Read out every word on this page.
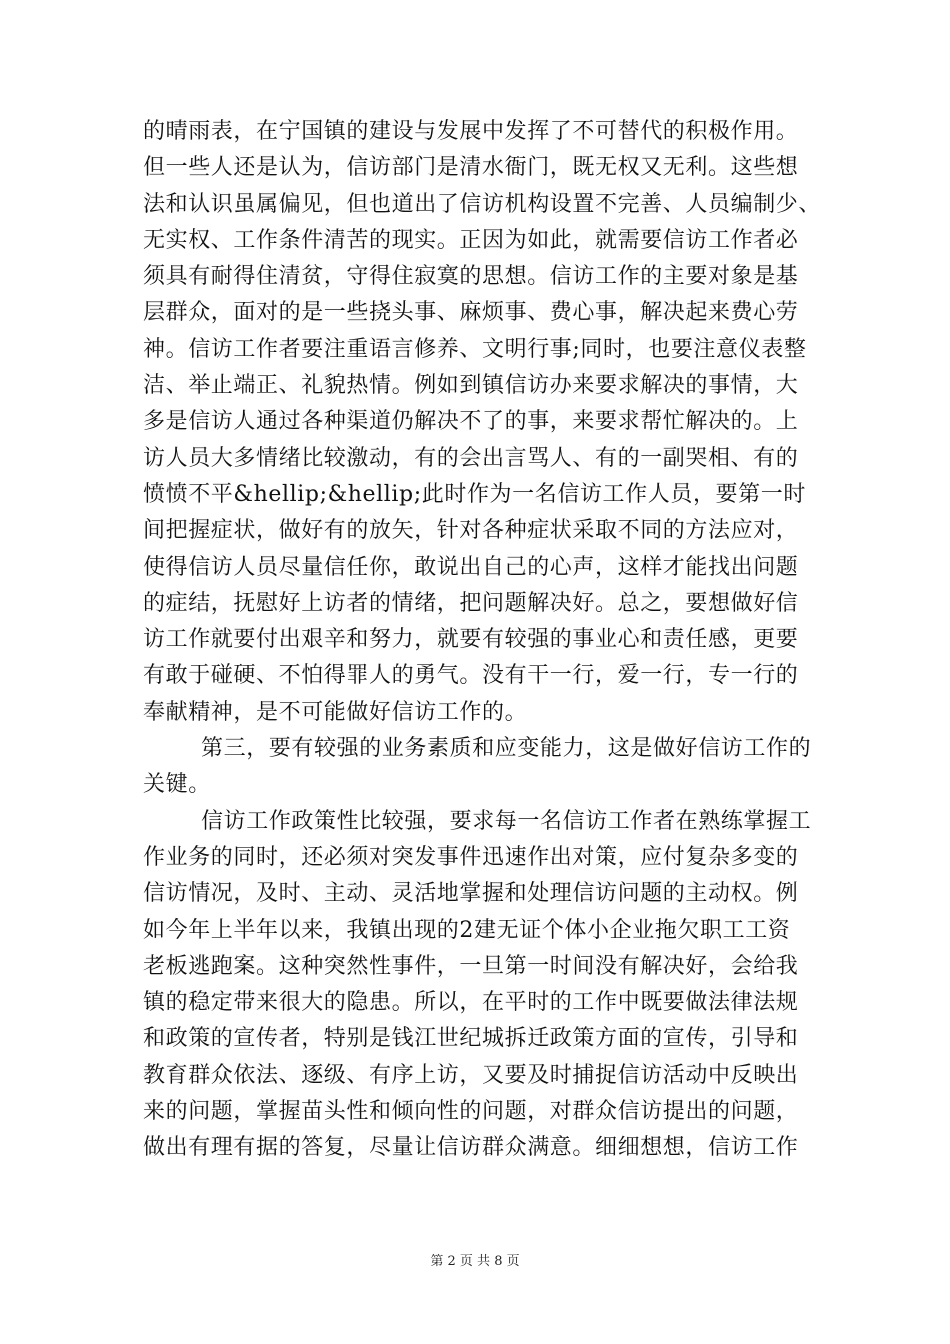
的晴雨表，在宁国镇的建设与发展中发挥了不可替代的积极作用。
但一些人还是认为，信访部门是清水衙门，既无权又无利。这些想
法和认识虽属偏见，但也道出了信访机构设置不完善、人员编制少、
无实权、工作条件清苦的现实。正因为如此，就需要信访工作者必
须具有耐得住清贫，守得住寂寞的思想。信访工作的主要对象是基
层群众，面对的是一些挠头事、麻烦事、费心事，解决起来费心劳
神。信访工作者要注重语言修养、文明行事;同时，也要注意仪表整
洁、举止端正、礼貌热情。例如到镇信访办来要求解决的事情，大
多是信访人通过各种渠道仍解决不了的事，来要求帮忙解决的。上
访人员大多情绪比较激动，有的会出言骂人、有的一副哭相、有的
愤愤不平&hellip;&hellip;此时作为一名信访工作人员，要第一时
间把握症状，做好有的放矢，针对各种症状采取不同的方法应对，
使得信访人员尽量信任你，敢说出自己的心声，这样才能找出问题
的症结，抚慰好上访者的情绪，把问题解决好。总之，要想做好信
访工作就要付出艰辛和努力，就要有较强的事业心和责任感，更要
有敢于碰硬、不怕得罪人的勇气。没有干一行，爱一行，专一行的
奉献精神，是不可能做好信访工作的。
第三，要有较强的业务素质和应变能力，这是做好信访工作的
关键。
信访工作政策性比较强，要求每一名信访工作者在熟练掌握工
作业务的同时，还必须对突发事件迅速作出对策，应付复杂多变的
信访情况，及时、主动、灵活地掌握和处理信访问题的主动权。例
如今年上半年以来，我镇出现的2建无证个体小企业拖欠职工工资
老板逃跑案。这种突然性事件，一旦第一时间没有解决好，会给我
镇的稳定带来很大的隐患。所以，在平时的工作中既要做法律法规
和政策的宣传者，特别是钱江世纪城拆迁政策方面的宣传，引导和
教育群众依法、逐级、有序上访，又要及时捕捉信访活动中反映出
来的问题，掌握苗头性和倾向性的问题，对群众信访提出的问题，
做出有理有据的答复，尽量让信访群众满意。细细想想，信访工作
第 2 页 共 8 页
